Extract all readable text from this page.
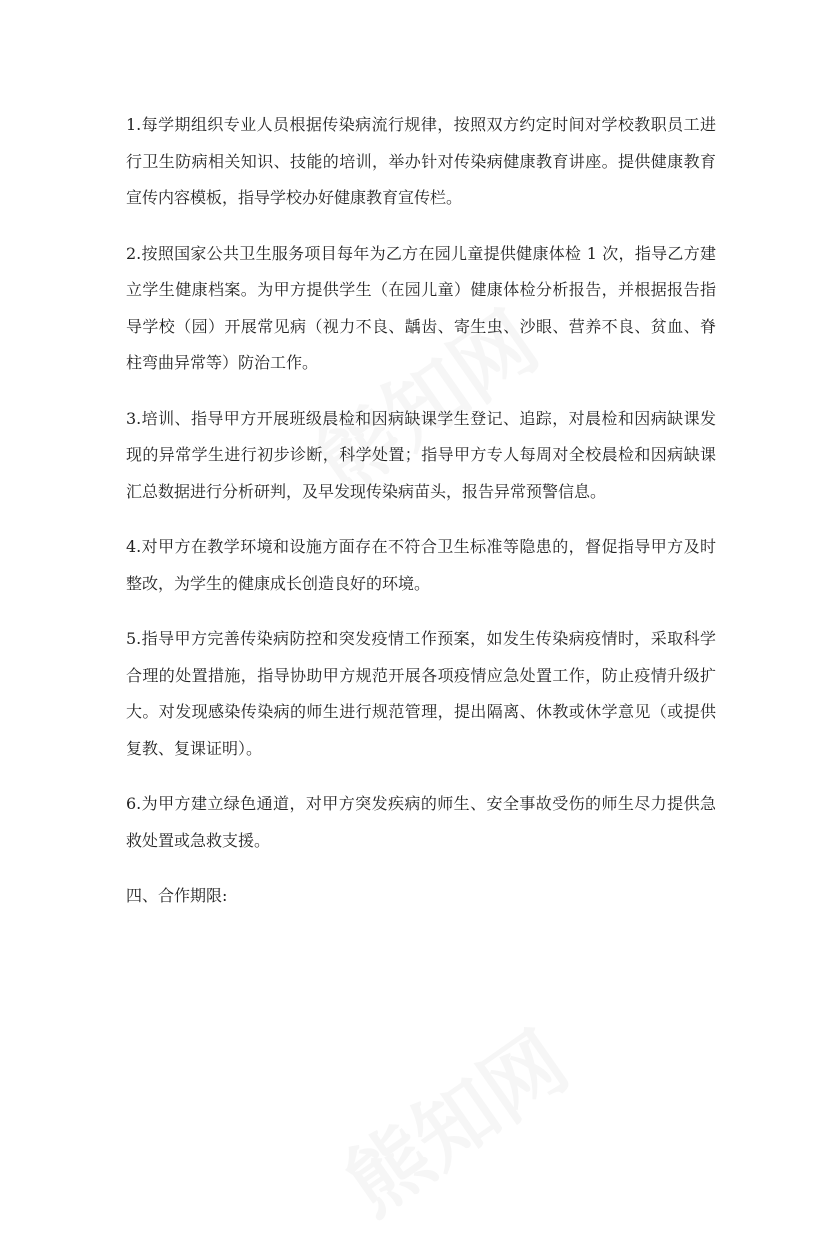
1.每学期组织专业人员根据传染病流行规律，按照双方约定时间对学校教职员工进行卫生防病相关知识、技能的培训，举办针对传染病健康教育讲座。提供健康教育宣传内容模板，指导学校办好健康教育宣传栏。

2.按照国家公共卫生服务项目每年为乙方在园儿童提供健康体检 1 次，指导乙方建立学生健康档案。为甲方提供学生（在园儿童）健康体检分析报告，并根据报告指导学校（园）开展常见病（视力不良、龋齿、寄生虫、沙眼、营养不良、贫血、脊柱弯曲异常等）防治工作。

3.培训、指导甲方开展班级晨检和因病缺课学生登记、追踪，对晨检和因病缺课发现的异常学生进行初步诊断，科学处置；指导甲方专人每周对全校晨检和因病缺课汇总数据进行分析研判，及早发现传染病苗头，报告异常预警信息。

4.对甲方在教学环境和设施方面存在不符合卫生标准等隐患的，督促指导甲方及时整改，为学生的健康成长创造良好的环境。

5.指导甲方完善传染病防控和突发疫情工作预案，如发生传染病疫情时，采取科学合理的处置措施，指导协助甲方规范开展各项疫情应急处置工作，防止疫情升级扩大。对发现感染传染病的师生进行规范管理，提出隔离、休教或休学意见（或提供复教、复课证明）。

6.为甲方建立绿色通道，对甲方突发疾病的师生、安全事故受伤的师生尽力提供急救处置或急救支援。

四、合作期限:
